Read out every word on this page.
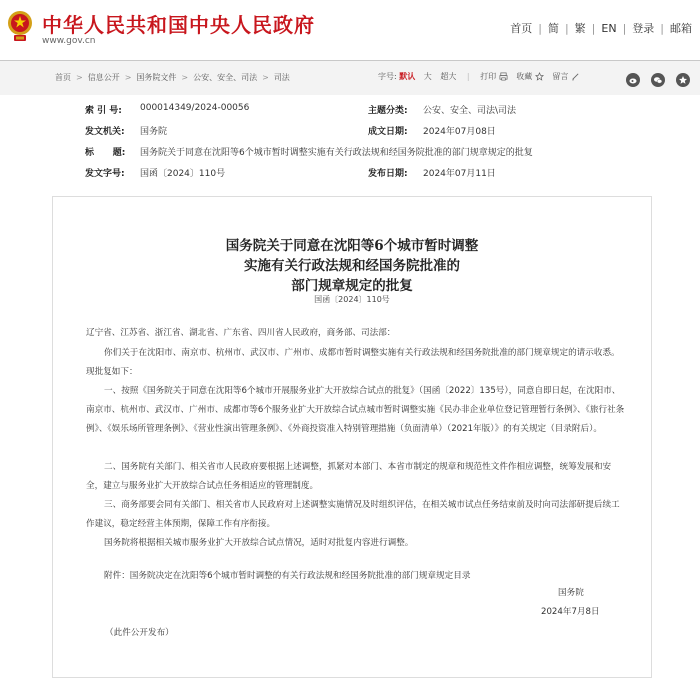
中华人民共和国中央人民政府
www.gov.cn
首页 | 简 | 繁 | EN | 登录 | 邮箱
首页 > 信息公开 > 国务院文件 > 公安、安全、司法 > 司法	字号: 默认 大 超大 | 打印	收藏	留言

索 引 号: 000014349/2024-00056	主题分类: 公安、安全、司法\司法
发文机关: 国务院	成文日期: 2024年07月08日
标      题: 国务院关于同意在沈阳等6个城市暂时调整实施有关行政法规和经国务院批准的部门规章规定的批复
发文字号: 国函〔2024〕110号	发布日期: 2024年07月11日
国务院关于同意在沈阳等6个城市暂时调整
实施有关行政法规和经国务院批准的
部门规章规定的批复
国函〔2024〕110号
辽宁省、江苏省、浙江省、湖北省、广东省、四川省人民政府，商务部、司法部：
你们关于在沈阳市、南京市、杭州市、武汉市、广州市、成都市暂时调整实施有关行政法规和经国务院批准的部门规章规定的请示收悉。现批复如下：
一、按照《国务院关于同意在沈阳等6个城市开展服务业扩大开放综合试点的批复》（国函〔2022〕135号），同意自即日起，在沈阳市、南京市、杭州市、武汉市、广州市、成都市等6个服务业扩大开放综合试点城市暂时调整实施《民办非企业单位登记管理暂行条例》、《旅行社条例》、《娱乐场所管理条例》、《营业性演出管理条例》、《外商投资准入特别管理措施（负面清单）（2021年版）》的有关规定（目录附后）。
二、国务院有关部门、相关省市人民政府要根据上述调整，抓紧对本部门、本省市制定的规章和规范性文件作相应调整，统筹发展和安全，建立与服务业扩大开放综合试点任务相适应的管理制度。
三、商务部要会同有关部门、相关省市人民政府对上述调整实施情况及时组织评估，在相关城市试点任务结束前及时向司法部研提后续工作建议，稳定经营主体预期，保障工作有序衔接。
国务院将根据相关城市服务业扩大开放综合试点情况，适时对批复内容进行调整。
附件：国务院决定在沈阳等6个城市暂时调整的有关行政法规和经国务院批准的部门规章规定目录
国务院
2024年7月8日
（此件公开发布）
